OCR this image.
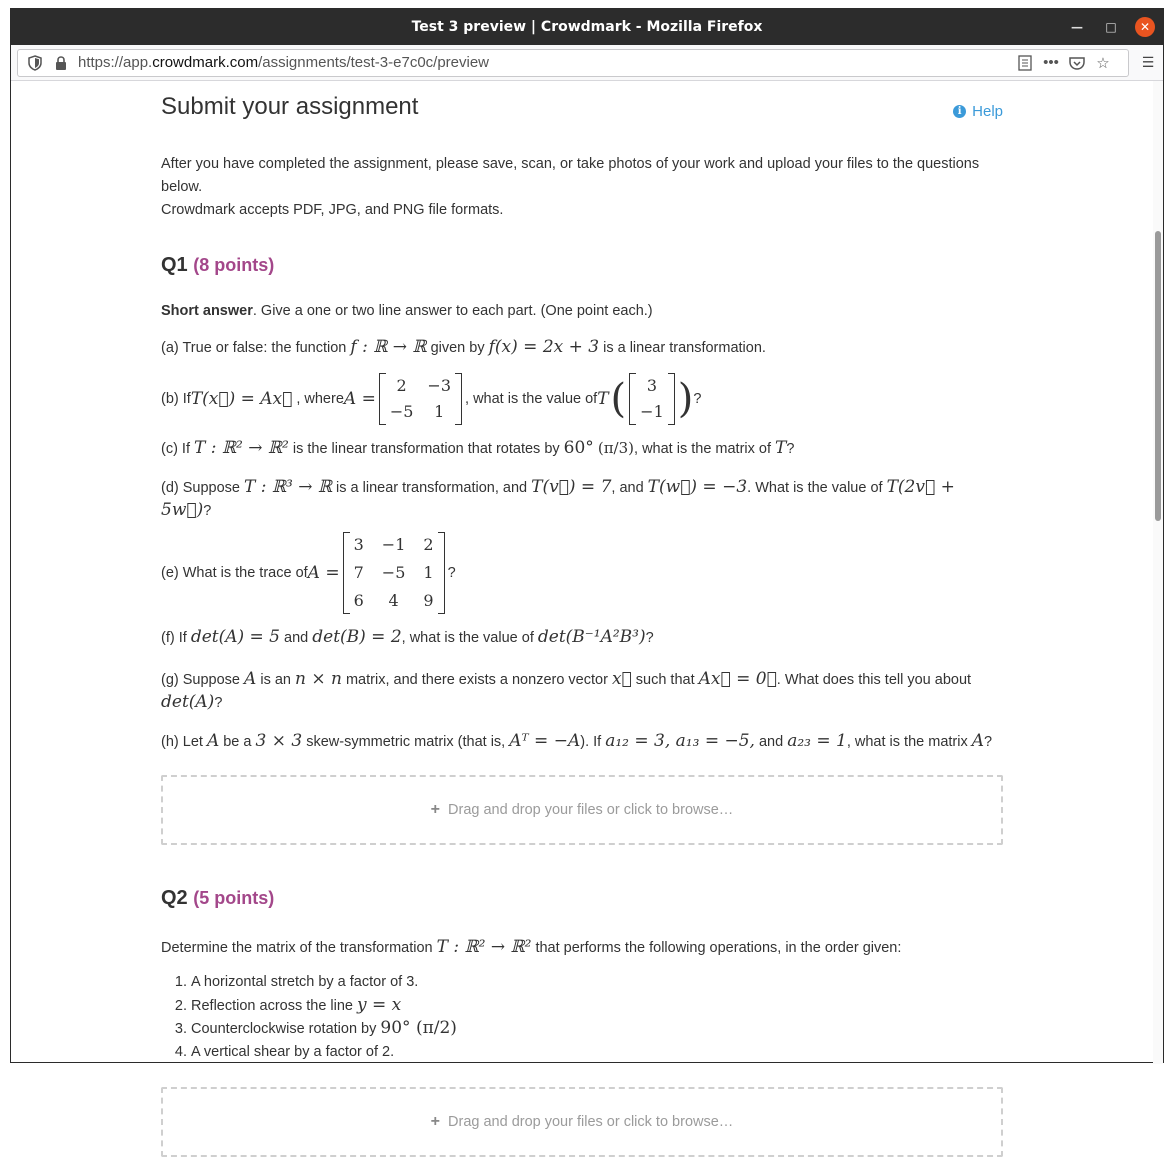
Test 3 preview | Crowdmark - Mozilla Firefox	—	□	✕
https://app.crowdmark.com/assignments/test-3-e7c0c/preview	••• ☆ ☰
Submit your assignment	i Help
After you have completed the assignment, please save, scan, or take photos of your work and upload your files to the questions below.
Crowdmark accepts PDF, JPG, and PNG file formats.
Q1 (8 points)

Short answer. Give a one or two line answer to each part. (One point each.)

(a) True or false: the function f : ℝ → ℝ given by f(x) = 2x + 3 is a linear transformation.

(b) If T(x⃗) = Ax⃗ , where A =
2	−3
−5	1
, what is the value of T (	3
−1 ) ?

(c) If T : ℝ² → ℝ² is the linear transformation that rotates by 60° (π/3), what is the matrix of T?

(d) Suppose T : ℝ³ → ℝ is a linear transformation, and T(v⃗) = 7, and T(w⃗) = −3. What is the value of T(2v⃗ + 5w⃗)?

(e) What is the trace of A =
3 −1 2
7 −5 1
6	4	9
?

(f) If det(A) = 5 and det(B) = 2, what is the value of det(B⁻¹A²B³)?

(g) Suppose A is an n × n matrix, and there exists a nonzero vector x⃗ such that Ax⃗ = 0⃗. What does this tell you about det(A)?

(h) Let A be a 3 × 3 skew-symmetric matrix (that is, Aᵀ = −A). If a₁₂ = 3, a₁₃ = −5, and a₂₃ = 1, what is the matrix A?

+ Drag and drop your files or click to browse…
Q2 (5 points)

Determine the matrix of the transformation T : ℝ² → ℝ² that performs the following operations, in the order given:

1. A horizontal stretch by a factor of 3.
2. Reflection across the line y = x
3. Counterclockwise rotation by 90° (π/2)
4. A vertical shear by a factor of 2.
+ Drag and drop your files or click to browse…
